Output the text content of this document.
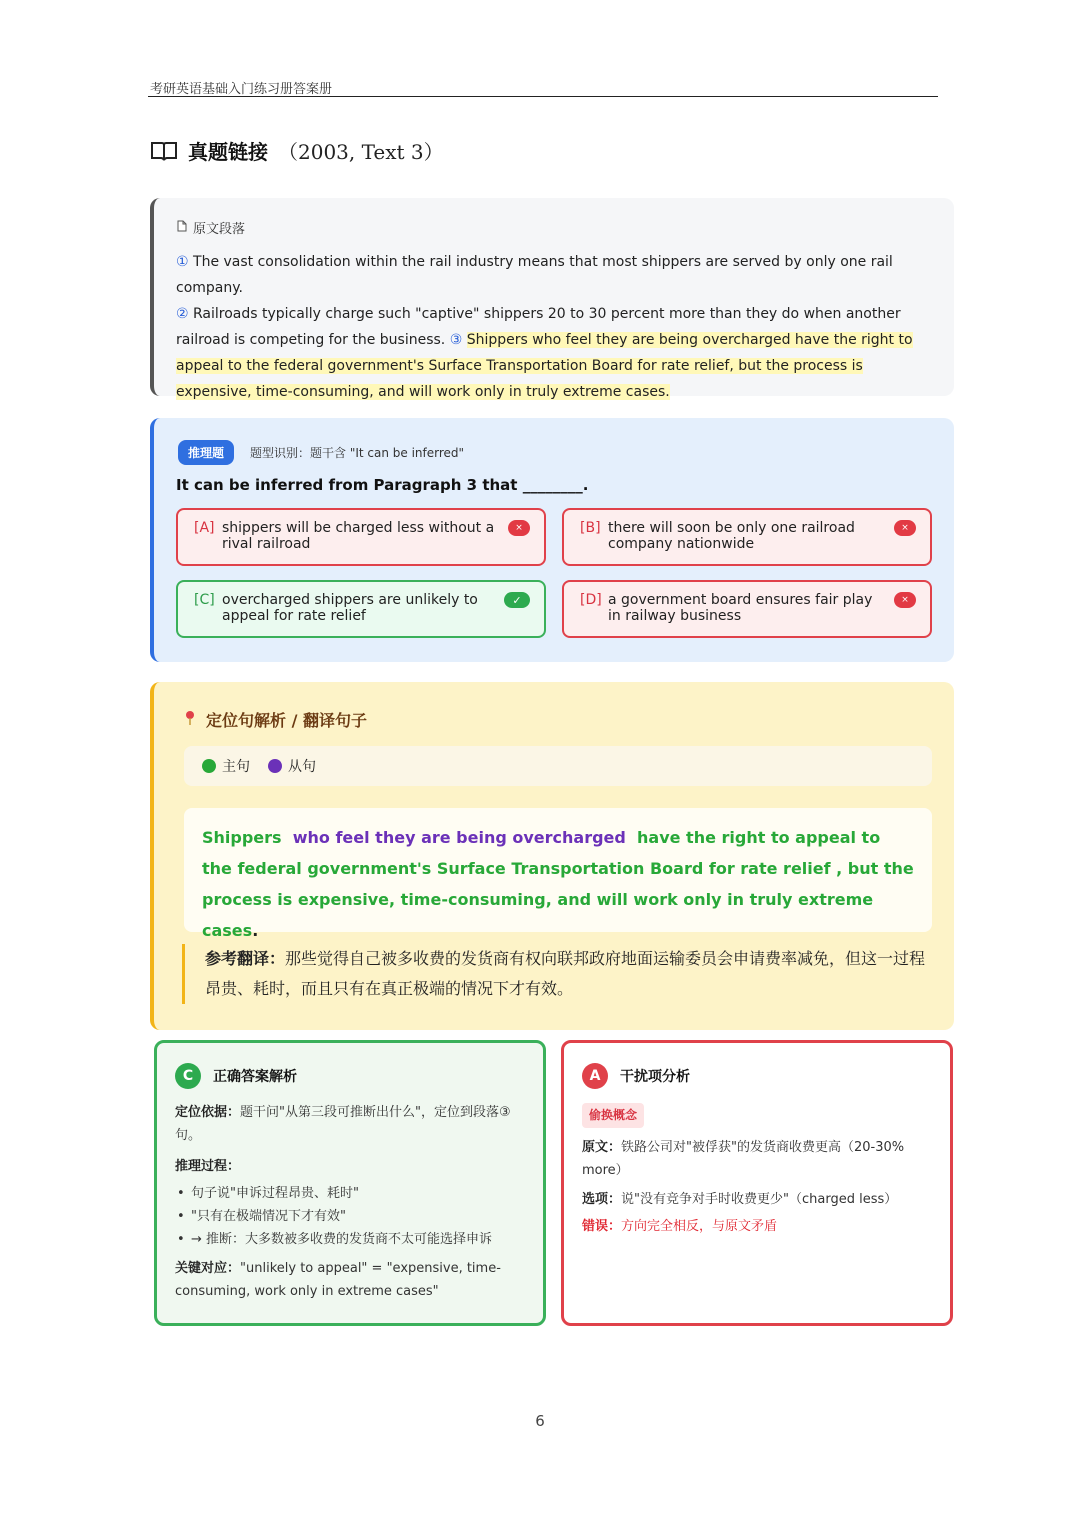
考研英语基础入门练习册答案册
真题链接 （2003, Text 3）
原文段落
① The vast consolidation within the rail industry means that most shippers are served by only one rail company.
② Railroads typically charge such "captive" shippers 20 to 30 percent more than they do when another railroad is competing for the business. ③ Shippers who feel they are being overcharged have the right to appeal to the federal government's Surface Transportation Board for rate relief, but the process is expensive, time-consuming, and will work only in truly extreme cases.
推理题	题型识别：题干含 "It can be inferred"
It can be inferred from Paragraph 3 that ________.
[A] shippers will be charged less without a rival railroad
×	[B] there will soon be only one railroad company nationwide
×
[C] overcharged shippers are unlikely to appeal for rate relief
✓	[D] a government board ensures fair play in railway business
×
定位句解析 / 翻译句子
主句	从句
Shippers who feel they are being overcharged have the right to appeal to the federal government's Surface Transportation Board for rate relief , but the process is expensive, time-consuming, and will work only in truly extreme cases.
参考翻译：那些觉得自己被多收费的发货商有权向联邦政府地面运输委员会申请费率减免，但这一过程昂贵、耗时，而且只有在真正极端的情况下才有效。
C	正确答案解析
定位依据：题干问"从第三段可推断出什么"，定位到段落③句。
推理过程：
• 句子说"申诉过程昂贵、耗时"
• "只有在极端情况下才有效"
• → 推断：大多数被多收费的发货商不太可能选择申诉
关键对应："unlikely to appeal" = "expensive, time-consuming, work only in extreme cases"
A	干扰项分析
偷换概念
原文：铁路公司对"被俘获"的发货商收费更高（20-30% more）
选项：说"没有竞争对手时收费更少"（charged less）
错误：方向完全相反，与原文矛盾
6
